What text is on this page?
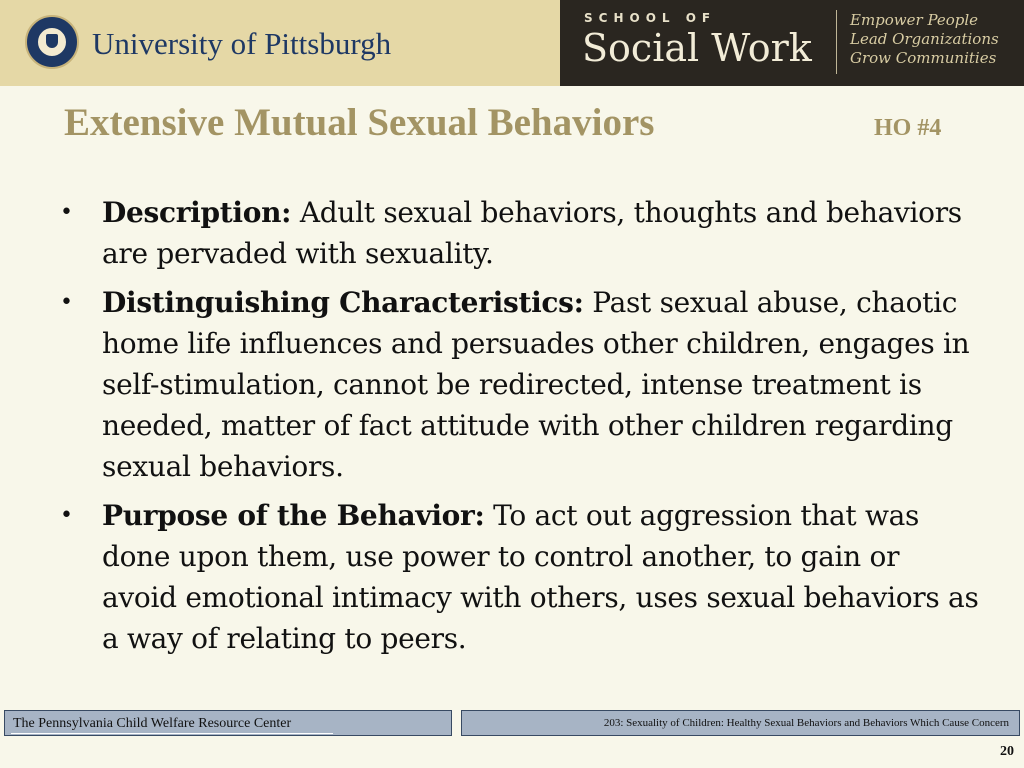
University of Pittsburgh
SCHOOL OF
Social Work
Empower People
Lead Organizations
Grow Communities
Extensive Mutual Sexual Behaviors	HO #4
• Description: Adult sexual behaviors, thoughts and behaviors are pervaded with sexuality.
• Distinguishing Characteristics: Past sexual abuse, chaotic home life influences and persuades other children, engages in self-stimulation, cannot be redirected, intense treatment is needed, matter of fact attitude with other children regarding sexual behaviors.
• Purpose of the Behavior: To act out aggression that was done upon them, use power to control another, to gain or avoid emotional intimacy with others, uses sexual behaviors as a way of relating to peers.
The Pennsylvania Child Welfare Resource Center	203: Sexuality of Children: Healthy Sexual Behaviors and Behaviors Which Cause Concern
20
